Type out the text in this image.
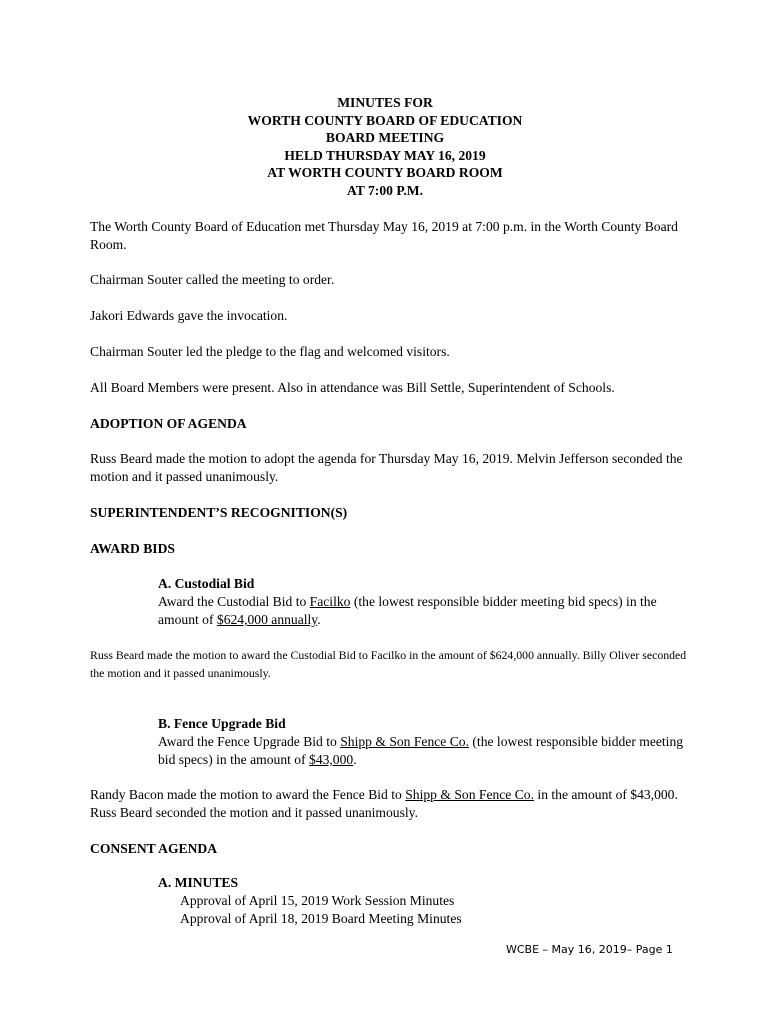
MINUTES FOR
WORTH COUNTY BOARD OF EDUCATION
BOARD MEETING
HELD THURSDAY MAY 16, 2019
AT WORTH COUNTY BOARD ROOM
AT 7:00 P.M.
The Worth County Board of Education met Thursday May 16, 2019 at 7:00 p.m. in the Worth County Board Room.
Chairman Souter called the meeting to order.
Jakori Edwards gave the invocation.
Chairman Souter led the pledge to the flag and welcomed visitors.
All Board Members were present. Also in attendance was Bill Settle, Superintendent of Schools.
ADOPTION OF AGENDA
Russ Beard made the motion to adopt the agenda for Thursday May 16, 2019. Melvin Jefferson seconded the motion and it passed unanimously.
SUPERINTENDENT’S RECOGNITION(S)
AWARD BIDS
A. Custodial Bid
Award the Custodial Bid to Facilko (the lowest responsible bidder meeting bid specs) in the amount of $624,000 annually.
Russ Beard made the motion to award the Custodial Bid to Facilko in the amount of $624,000 annually. Billy Oliver seconded the motion and it passed unanimously.
B. Fence Upgrade Bid
Award the Fence Upgrade Bid to Shipp & Son Fence Co. (the lowest responsible bidder meeting bid specs) in the amount of $43,000.
Randy Bacon made the motion to award the Fence Bid to Shipp & Son Fence Co. in the amount of $43,000. Russ Beard seconded the motion and it passed unanimously.
CONSENT AGENDA
A. MINUTES
Approval of April 15, 2019 Work Session Minutes
Approval of April 18, 2019 Board Meeting Minutes
WCBE – May 16, 2019– Page 1
